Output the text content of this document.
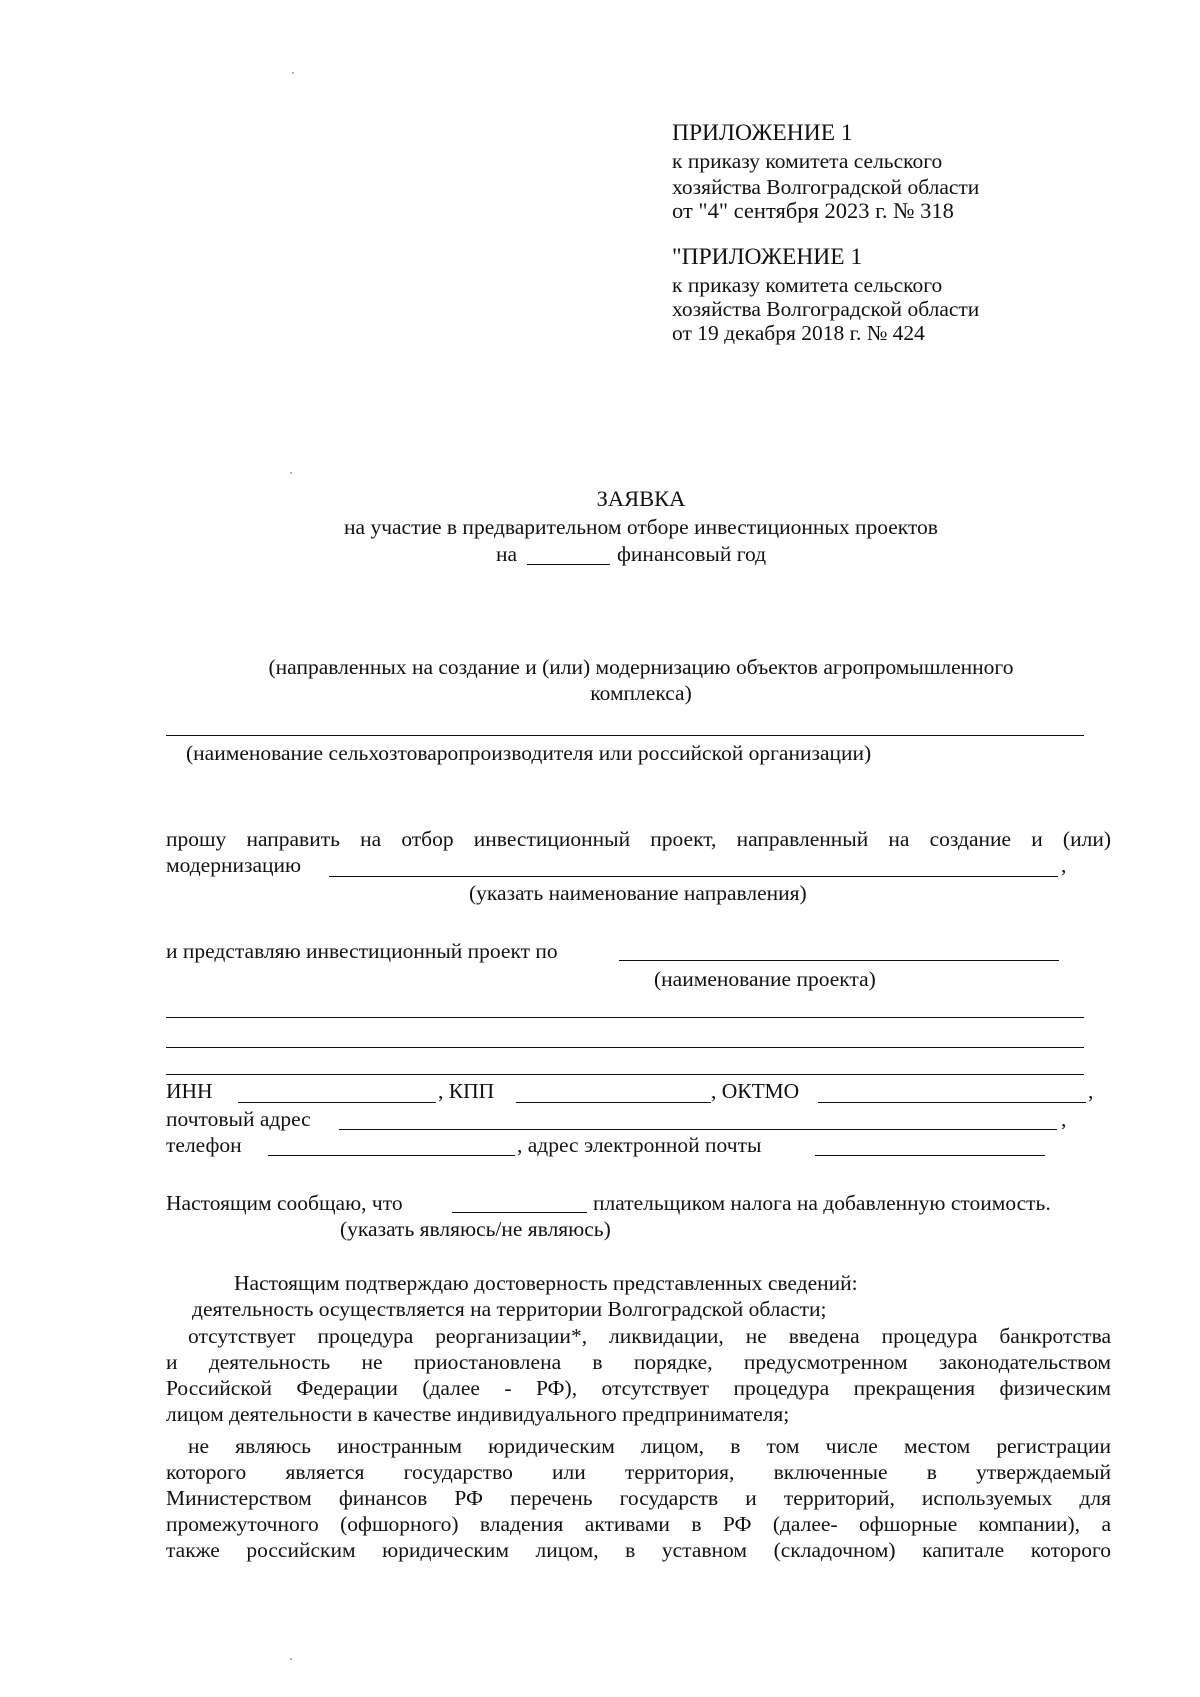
ПРИЛОЖЕНИЕ 1
к приказу комитета сельского
хозяйства Волгоградской области
от "4" сентября 2023 г. № 318
"ПРИЛОЖЕНИЕ 1
к приказу комитета сельского
хозяйства Волгоградской области
от 19 декабря 2018 г. № 424
ЗАЯВКА
на участие в предварительном отборе инвестиционных проектов
на	финансовый год
(направленных на создание и (или) модернизацию объектов агропромышленного
комплекса)
(наименование сельхозтоваропроизводителя или российской организации)
прошу направить на отбор инвестиционный проект, направленный на создание и (или)
модернизацию	,
(указать наименование направления)
и представляю инвестиционный проект по
(наименование проекта)
ИНН	, КПП	, ОКТМО	,
почтовый адрес	,
телефон	, адрес электронной почты
Настоящим сообщаю, что	плательщиком налога на добавленную стоимость.
(указать являюсь/не являюсь)
Настоящим подтверждаю достоверность представленных сведений:
деятельность осуществляется на территории Волгоградской области;
отсутствует процедура реорганизации*, ликвидации, не введена процедура банкротства
и деятельность не приостановлена в порядке, предусмотренном законодательством
Российской Федерации (далее - РФ), отсутствует процедура прекращения физическим
лицом деятельности в качестве индивидуального предпринимателя;
не являюсь иностранным юридическим лицом, в том числе местом регистрации
которого является государство или территория, включенные в утверждаемый
Министерством финансов РФ перечень государств и территорий, используемых для
промежуточного (офшорного) владения активами в РФ (далее- офшорные компании), а
также российским юридическим лицом, в уставном (складочном) капитале которого
